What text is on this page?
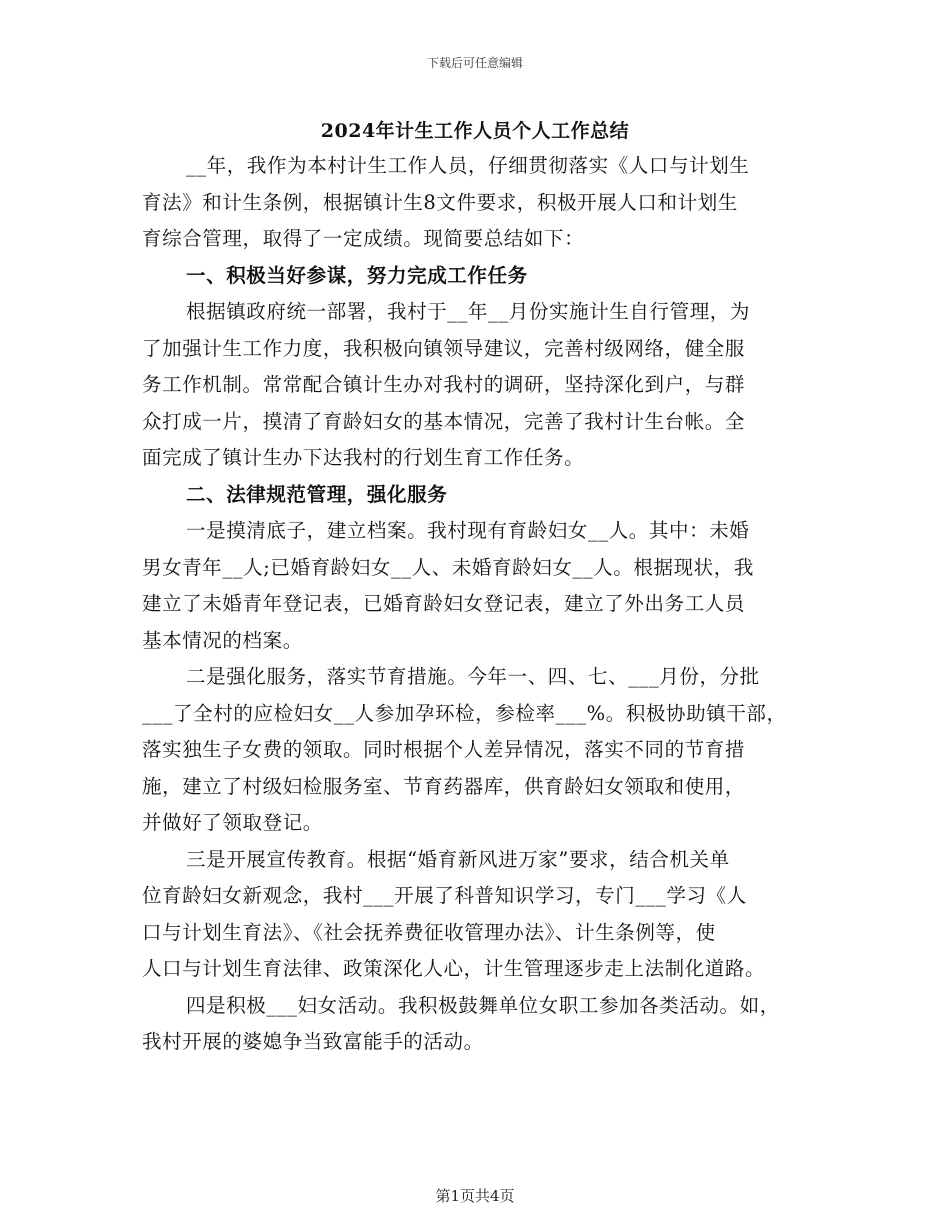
下载后可任意编辑
2024年计生工作人员个人工作总结

__年，我作为本村计生工作人员，仔细贯彻落实《人口与计划生
育法》和计生条例，根据镇计生8文件要求，积极开展人口和计划生
育综合管理，取得了一定成绩。现简要总结如下：

一、积极当好参谋，努力完成工作任务

根据镇政府统一部署，我村于__年__月份实施计生自行管理，为
了加强计生工作力度，我积极向镇领导建议，完善村级网络，健全服
务工作机制。常常配合镇计生办对我村的调研，坚持深化到户，与群
众打成一片，摸清了育龄妇女的基本情况，完善了我村计生台帐。全
面完成了镇计生办下达我村的行划生育工作任务。

二、法律规范管理，强化服务

一是摸清底子，建立档案。我村现有育龄妇女__人。其中：未婚
男女青年__人;已婚育龄妇女__人、未婚育龄妇女__人。根据现状，我
建立了未婚青年登记表，已婚育龄妇女登记表，建立了外出务工人员
基本情况的档案。

二是强化服务，落实节育措施。今年一、四、七、___月份，分批
___了全村的应检妇女__人参加孕环检，参检率___%。积极协助镇干部，
落实独生子女费的领取。同时根据个人差异情况，落实不同的节育措
施，建立了村级妇检服务室、节育药器库，供育龄妇女领取和使用，
并做好了领取登记。

三是开展宣传教育。根据“婚育新风进万家”要求，结合机关单
位育龄妇女新观念，我村___开展了科普知识学习，专门___学习《人
口与计划生育法》、《社会抚养费征收管理办法》、计生条例等，使
人口与计划生育法律、政策深化人心，计生管理逐步走上法制化道路。

四是积极___妇女活动。我积极鼓舞单位女职工参加各类活动。如，
我村开展的婆媳争当致富能手的活动。

第1页共4页
